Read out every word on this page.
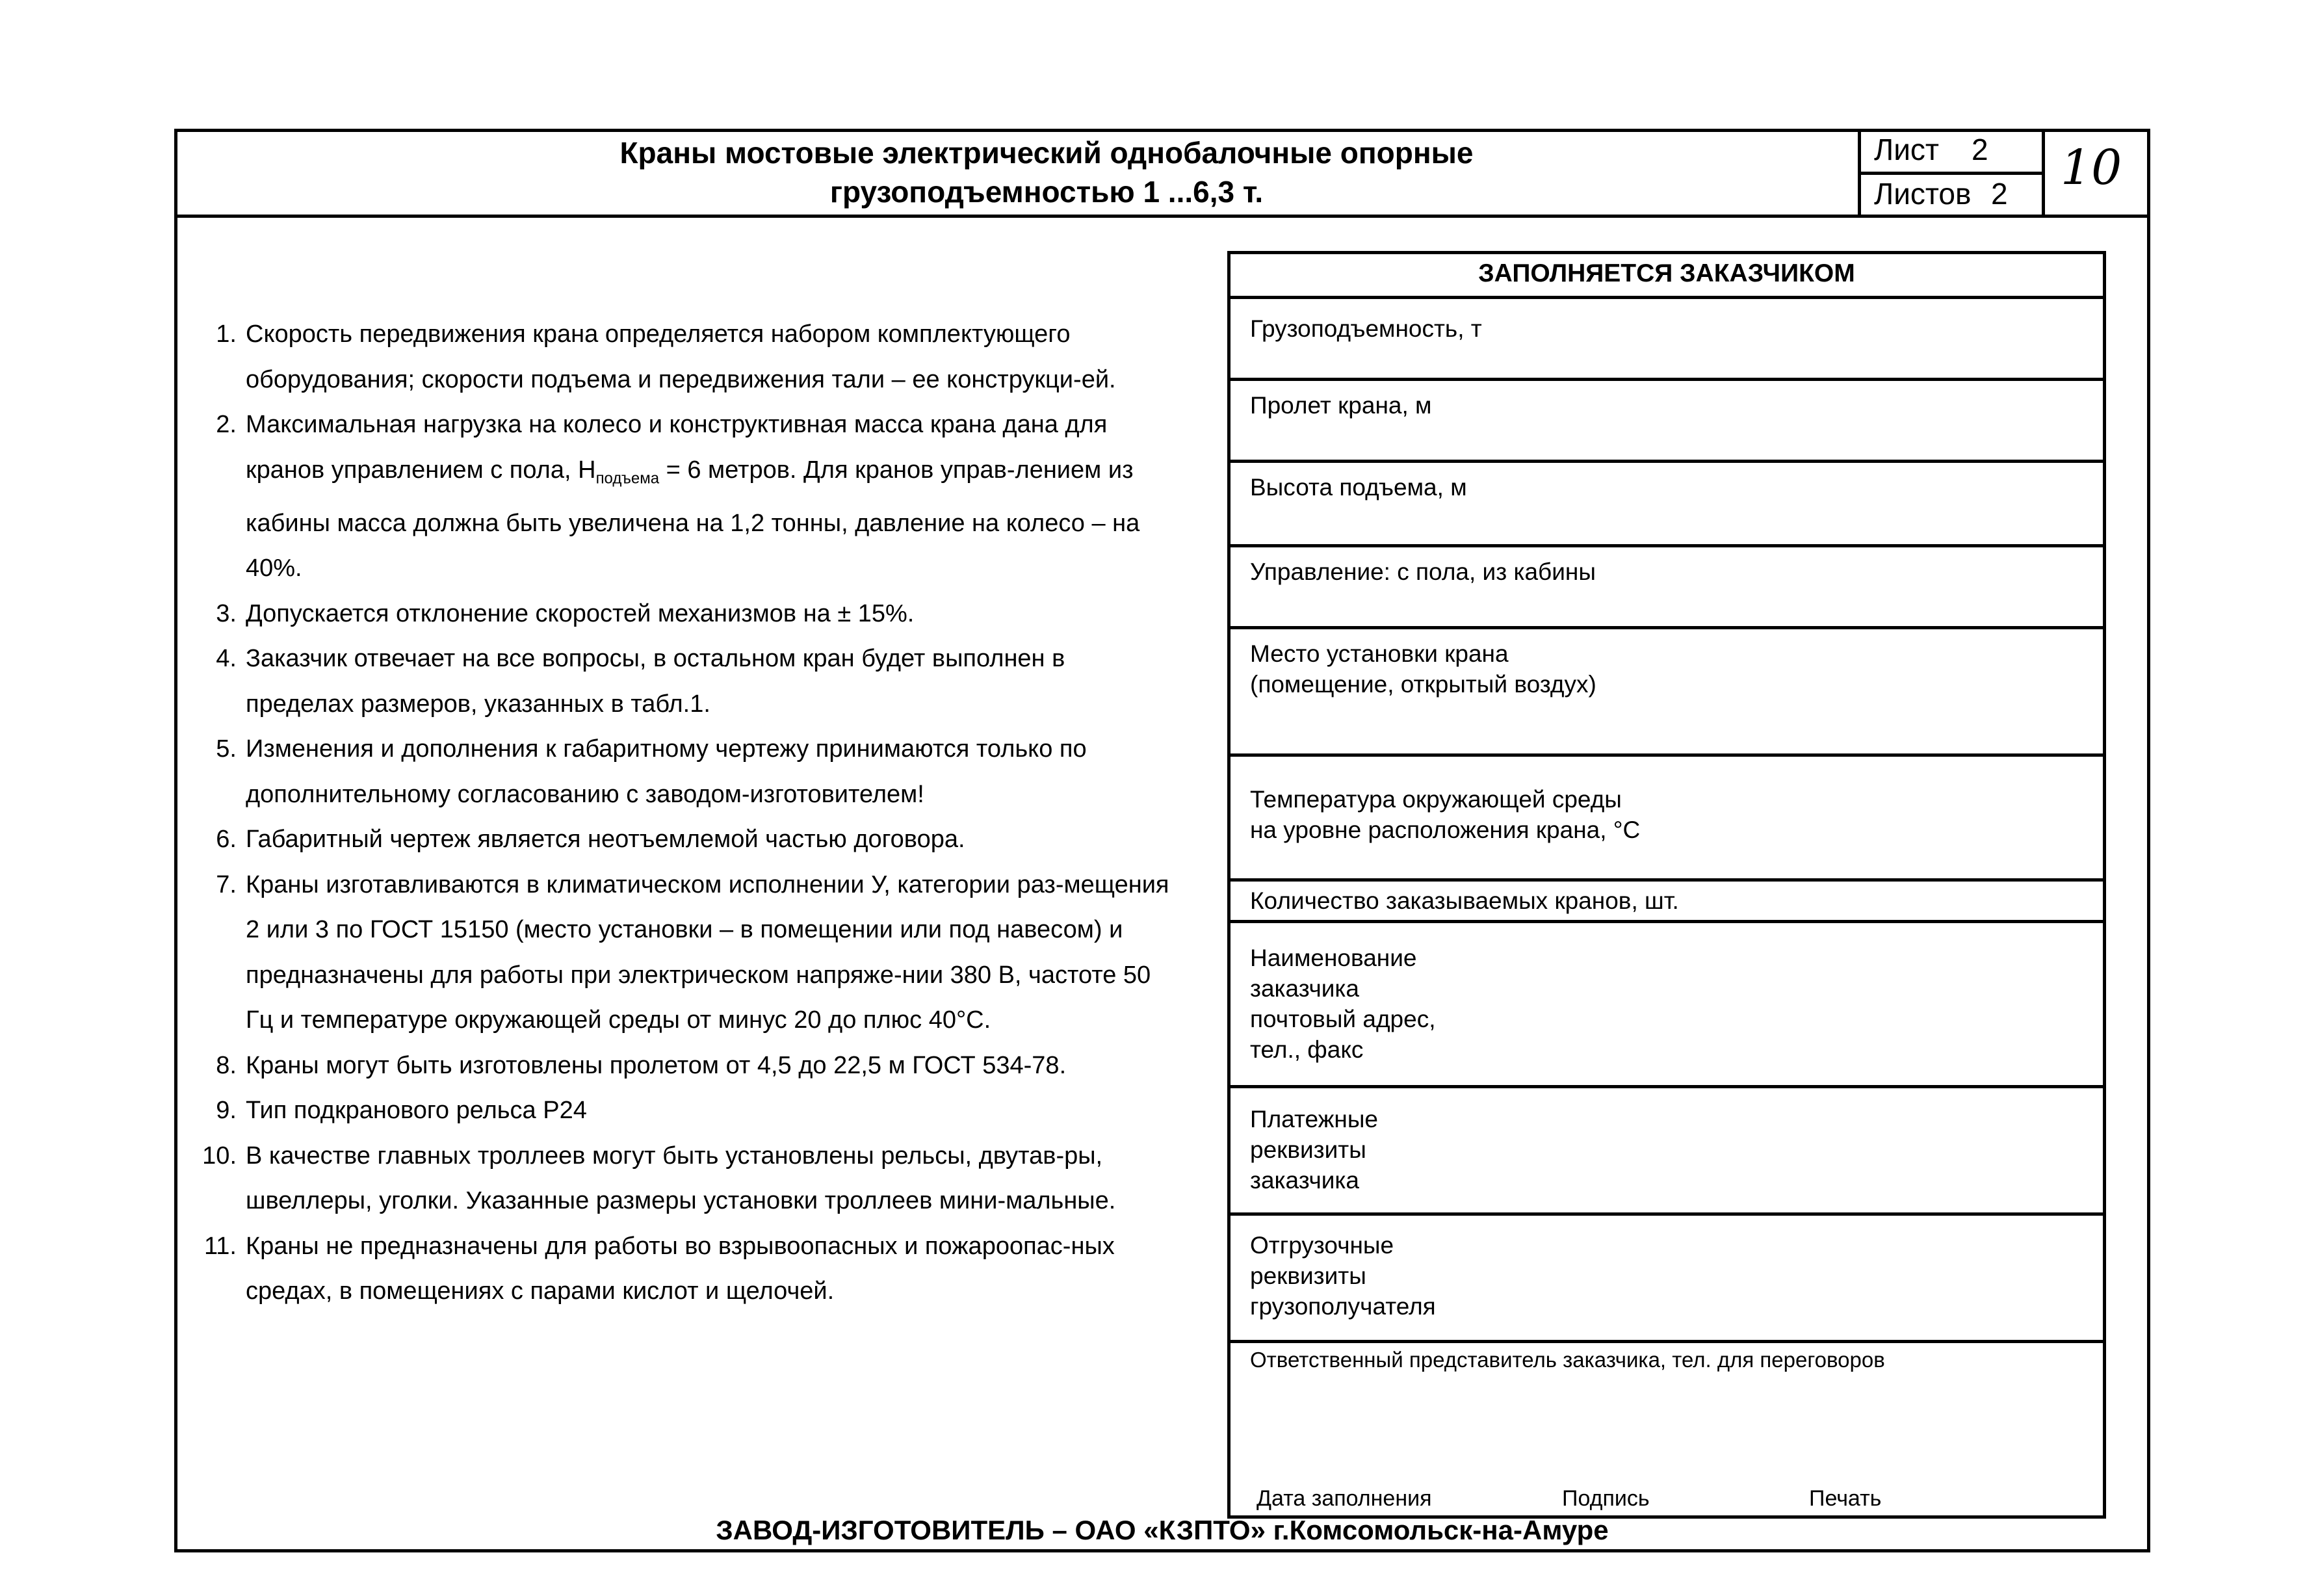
Краны мостовые электрический однобалочные опорные
грузоподъемностью 1 ...6,3 т.
Лист 2
Листов 2 10
1. Скорость передвижения крана определяется набором комплектующего оборудования; скорости подъема и передвижения тали – ее конструкци-ей.
2. Максимальная нагрузка на колесо и конструктивная масса крана дана для кранов управлением с пола, $Н_{подъема} = 6$ метров. Для кранов управ-лением из кабины масса должна быть увеличена на 1,2 тонны, давление на колесо – на 40%.
3. Допускается отклонение скоростей механизмов на ± 15%.
4. Заказчик отвечает на все вопросы, в остальном кран будет выполнен в пределах размеров, указанных в табл.1.
5. Изменения и дополнения к габаритному чертежу принимаются только по дополнительному согласованию с заводом-изготовителем!
6. Габаритный чертеж является неотъемлемой частью договора.
7. Краны изготавливаются в климатическом исполнении У, категории раз-мещения 2 или 3 по ГОСТ 15150 (место установки – в помещении или под навесом) и предназначены для работы при электрическом напряже-нии 380 В, частоте 50 Гц и температуре окружающей среды от минус 20 до плюс 40°С.
8. Краны могут быть изготовлены пролетом от 4,5 до 22,5 м ГОСТ 534-78.
9. Тип подкранового рельса Р24
10. В качестве главных троллеев могут быть установлены рельсы, двутав-ры, швеллеры, уголки. Указанные размеры установки троллеев мини-мальные.
11. Краны не предназначены для работы во взрывоопасных и пожароопас-ных средах, в помещениях с парами кислот и щелочей.
ЗАПОЛНЯЕТСЯ ЗАКАЗЧИКОМ
Грузоподъемность, т
Пролет крана, м
Высота подъема, м
Управление: с пола, из кабины
Место установки крана
(помещение, открытый воздух)
Температура окружающей среды
на уровне расположения крана, °С
Количество заказываемых кранов, шт.
Наименование
заказчика
почтовый адрес,
тел., факс
Платежные
реквизиты
заказчика
Отгрузочные
реквизиты
грузополучателя
Ответственный представитель заказчика, тел. для переговоров
Дата заполнения	Подпись	Печать
ЗАВОД-ИЗГОТОВИТЕЛЬ – ОАО «КЗПТО» г.Комсомольск-на-Амуре
